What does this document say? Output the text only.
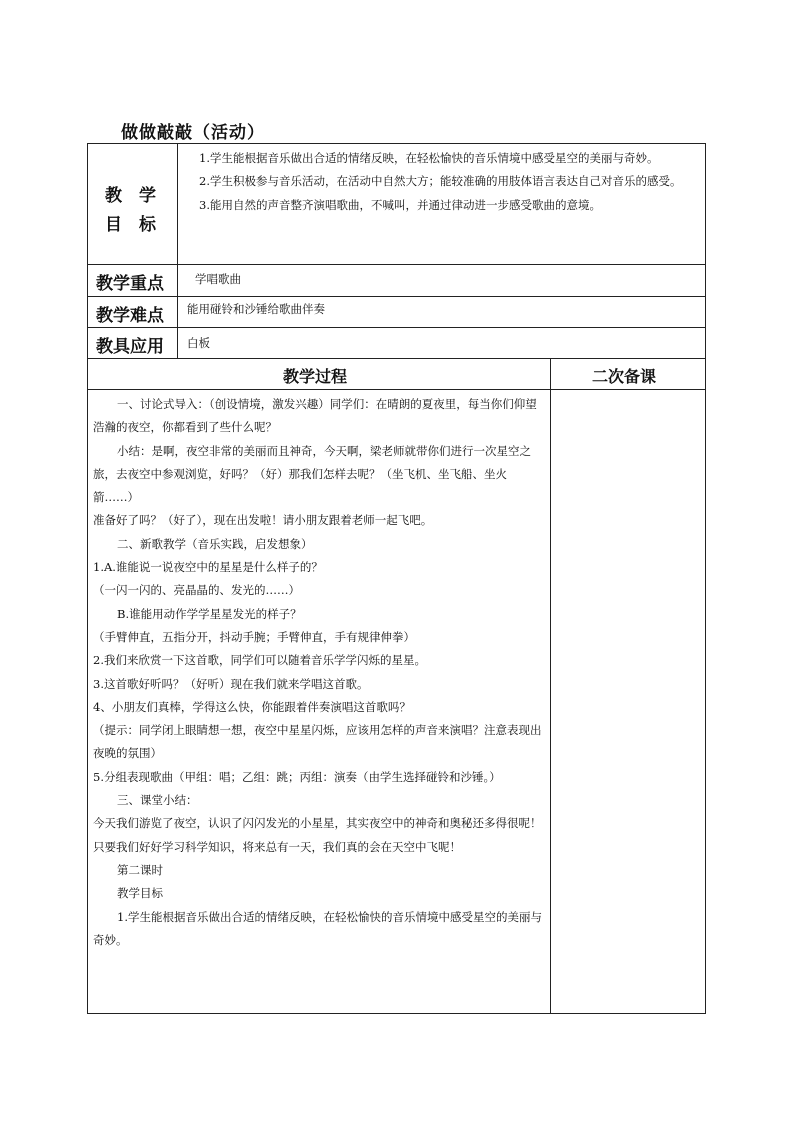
做做敲敲（活动）
教　学
目　标

1.学生能根据音乐做出合适的情绪反映，在轻松愉快的音乐情境中感受星空的美丽与奇妙。

2.学生积极参与音乐活动，在活动中自然大方；能较准确的用肢体语言表达自己对音乐的感受。

3.能用自然的声音整齐演唱歌曲，不喊叫，并通过律动进一步感受歌曲的意境。

教学重点	学唱歌曲
教学难点 能用碰铃和沙锤给歌曲伴奏
教具应用 白板
教学过程	二次备课

一、讨论式导入：（创设情境，激发兴趣）同学们：在晴朗的夏夜里，每当你们仰望浩瀚的夜空，你都看到了些什么呢？

小结：是啊，夜空非常的美丽而且神奇，今天啊，梁老师就带你们进行一次星空之旅，去夜空中参观浏览，好吗？（好）那我们怎样去呢？（坐飞机、坐飞船、坐火箭……）

准备好了吗？（好了），现在出发啦！请小朋友跟着老师一起飞吧。

二、新歌教学（音乐实践，启发想象）

1.A.谁能说一说夜空中的星星是什么样子的？

（一闪一闪的、亮晶晶的、发光的……）

B.谁能用动作学学星星发光的样子？

（手臂伸直，五指分开，抖动手腕；手臂伸直，手有规律伸拳）

2.我们来欣赏一下这首歌，同学们可以随着音乐学学闪烁的星星。

3.这首歌好听吗？（好听）现在我们就来学唱这首歌。

4、小朋友们真棒，学得这么快，你能跟着伴奏演唱这首歌吗？

（提示：同学闭上眼睛想一想，夜空中星星闪烁，应该用怎样的声音来演唱？注意表现出夜晚的氛围）

5.分组表现歌曲（甲组：唱；乙组：跳；丙组：演奏（由学生选择碰铃和沙锤。）

三、课堂小结：

今天我们游览了夜空，认识了闪闪发光的小星星，其实夜空中的神奇和奥秘还多得很呢！只要我们好好学习科学知识，将来总有一天，我们真的会在天空中飞呢！

第二课时

教学目标

1.学生能根据音乐做出合适的情绪反映，在轻松愉快的音乐情境中感受星空的美丽与奇妙。
